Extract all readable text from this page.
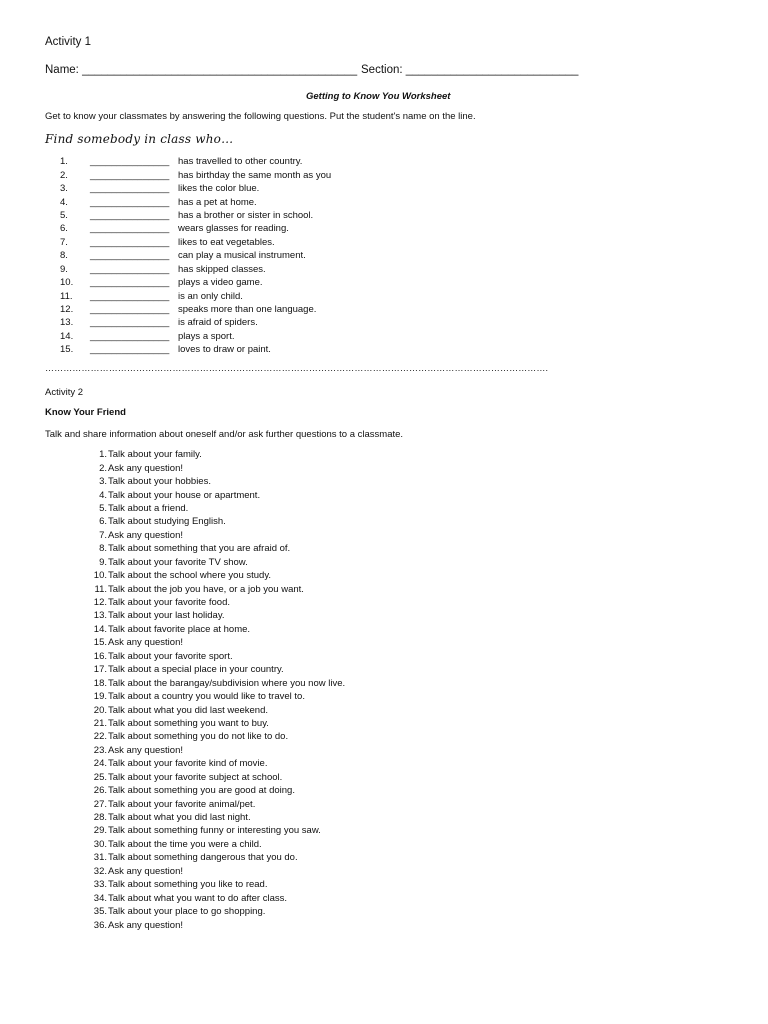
Activity 1
Name: ___________________________________________ Section: ___________________________
Getting to Know You Worksheet
Get to know your classmates by answering the following questions. Put the student's name on the line.
Find somebody in class who…
1.	_______________ has travelled to other country.
2.	_______________ has birthday the same month as you
3.	_______________ likes the color blue.
4.	_______________ has a pet at home.
5.	_______________ has a brother or sister in school.
6.	_______________ wears glasses for reading.
7.	_______________ likes to eat vegetables.
8.	_______________ can play a musical instrument.
9.	_______________ has skipped classes.
10.	_______________ plays a video game.
11.	_______________ is an only child.
12.	_______________ speaks more than one language.
13.	_______________ is afraid of spiders.
14.	_______________ plays a sport.
15.	_______________ loves to draw or paint.
………………………………………………………………………………………………………………………………………………….
Activity 2
Know Your Friend
Talk and share information about oneself and/or ask further questions to a classmate.
1. Talk about your family.
2. Ask any question!
3. Talk about your hobbies.
4. Talk about your house or apartment.
5. Talk about a friend.
6. Talk about studying English.
7. Ask any question!
8. Talk about something that you are afraid of.
9. Talk about your favorite TV show.
10. Talk about the school where you study.
11. Talk about the job you have, or a job you want.
12. Talk about your favorite food.
13. Talk about your last holiday.
14. Talk about favorite place at home.
15. Ask any question!
16. Talk about your favorite sport.
17. Talk about a special place in your country.
18. Talk about the barangay/subdivision where you now live.
19. Talk about a country you would like to travel to.
20. Talk about what you did last weekend.
21. Talk about something you want to buy.
22. Talk about something you do not like to do.
23. Ask any question!
24. Talk about your favorite kind of movie.
25. Talk about your favorite subject at school.
26. Talk about something you are good at doing.
27. Talk about your favorite animal/pet.
28. Talk about what you did last night.
29. Talk about something funny or interesting you saw.
30. Talk about the time you were a child.
31. Talk about something dangerous that you do.
32. Ask any question!
33. Talk about something you like to read.
34. Talk about what you want to do after class.
35. Talk about your place to go shopping.
36. Ask any question!
